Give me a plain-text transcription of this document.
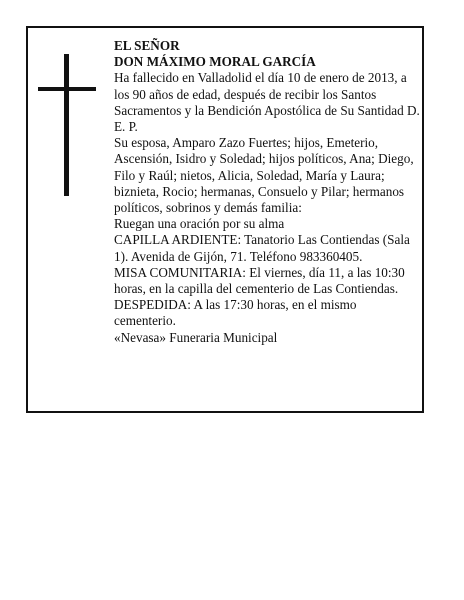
EL SEÑOR

DON MÁXIMO MORAL GARCÍA

Ha fallecido en Valladolid el día 10 de enero de 2013, a los 90 años de edad, después de recibir los Santos Sacramentos y la Bendición Apostólica de Su Santidad D. E. P.

Su esposa, Amparo Zazo Fuertes; hijos, Emeterio, Ascensión, Isidro y Soledad; hijos políticos, Ana; Diego, Filo y Raúl; nietos, Alicia, Soledad, María y Laura; biznieta, Rocio; hermanas, Consuelo y Pilar; hermanos políticos, sobrinos y demás familia:

Ruegan una oración por su alma

CAPILLA ARDIENTE: Tanatorio Las Contiendas (Sala 1). Avenida de Gijón, 71. Teléfono 983360405.

MISA COMUNITARIA: El viernes, día 11, a las 10:30 horas, en la capilla del cementerio de Las Contiendas.

DESPEDIDA: A las 17:30 horas, en el mismo cementerio.

«Nevasa» Funeraria Municipal
